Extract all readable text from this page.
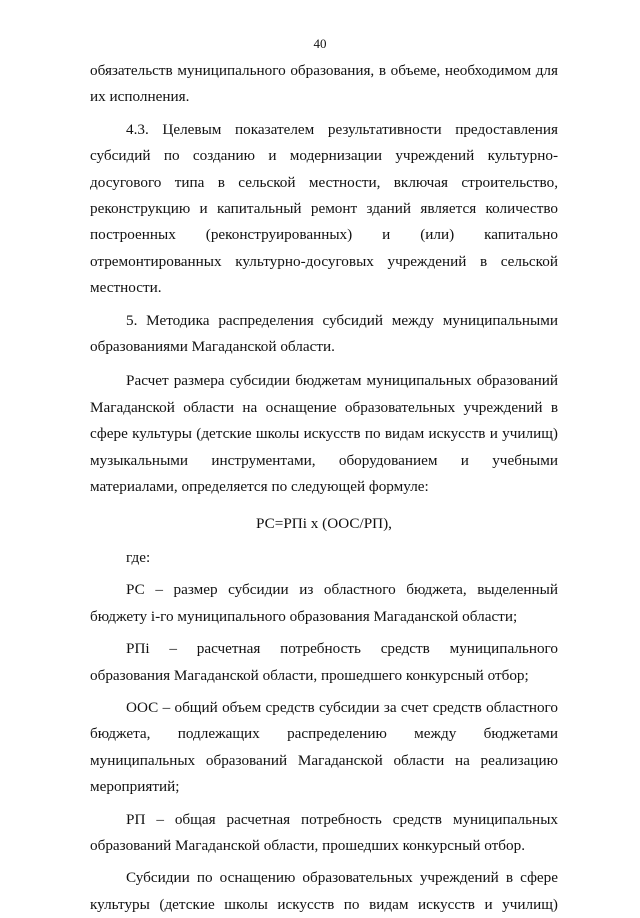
40

обязательств муниципального образования, в объеме, необходимом для их исполнения.

4.3. Целевым показателем результативности предоставления субсидий по созданию и модернизации учреждений культурно-досугового типа в сельской местности, включая строительство, реконструкцию и капитальный ремонт зданий является количество построенных (реконструированных) и (или) капитально отремонтированных культурно-досуговых учреждений в сельской местности.

5. Методика распределения субсидий между муниципальными образованиями Магаданской области.

Расчет размера субсидии бюджетам муниципальных образований Магаданской области на оснащение образовательных учреждений в сфере культуры (детские школы искусств по видам искусств и училищ) музыкальными инструментами, оборудованием и учебными материалами, определяется по следующей формуле:

РС=РПi х (ООС/РП),

где:

РС – размер субсидии из областного бюджета, выделенный бюджету i-го муниципального образования Магаданской области;

РПi – расчетная потребность средств муниципального образования Магаданской области, прошедшего конкурсный отбор;

ООС – общий объем средств субсидии за счет средств областного бюджета, подлежащих распределению между бюджетами муниципальных образований Магаданской области на реализацию мероприятий;

РП – общая расчетная потребность средств муниципальных образований Магаданской области, прошедших конкурсный отбор.

Субсидии по оснащению образовательных учреждений в сфере культуры (детские школы искусств по видам искусств и училищ)
